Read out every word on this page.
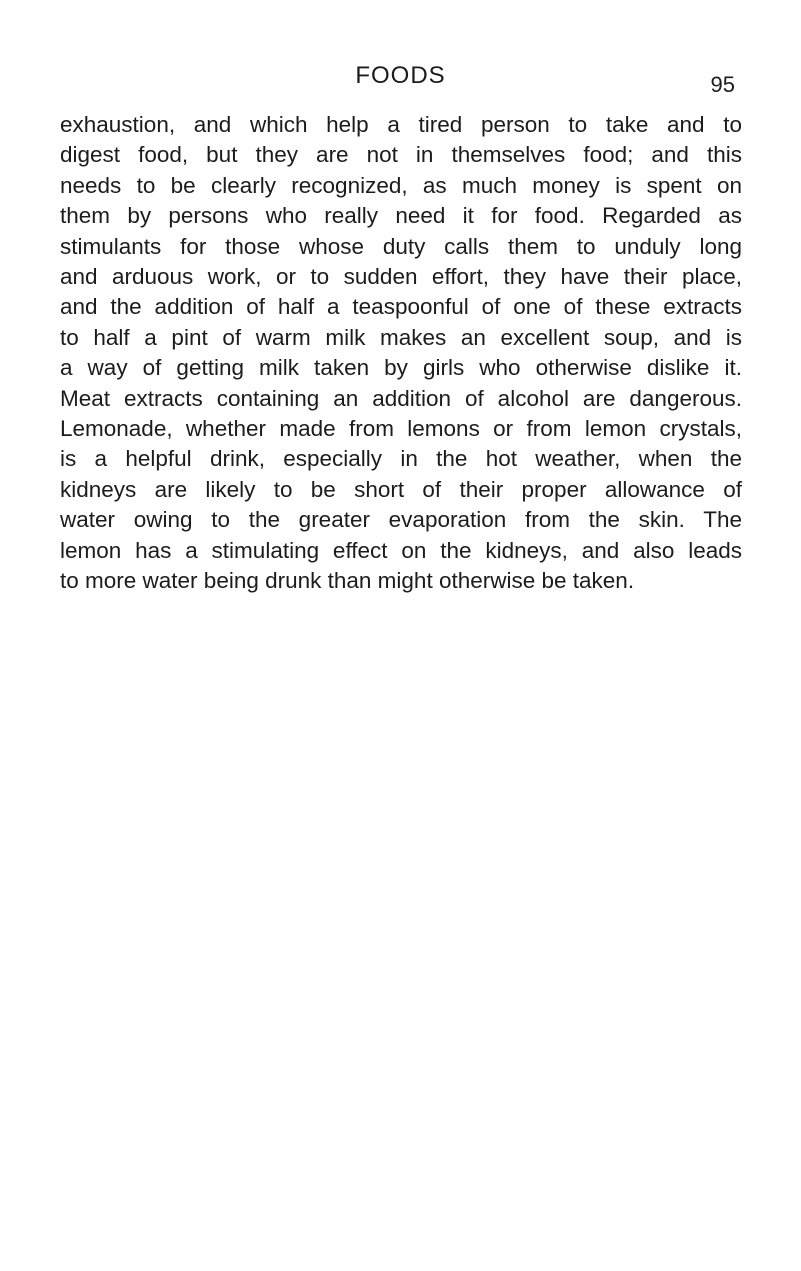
FOODS	95
exhaustion, and which help a tired person to take and to
digest food, but they are not in themselves food; and this
needs to be clearly recognized, as much money is spent on
them by persons who really need it for food. Regarded as
stimulants for those whose duty calls them to unduly long
and arduous work, or to sudden effort, they have their place,
and the addition of half a teaspoonful of one of these extracts
to half a pint of warm milk makes an excellent soup, and is
a way of getting milk taken by girls who otherwise dislike it.
Meat extracts containing an addition of alcohol are dangerous.
Lemonade, whether made from lemons or from lemon crystals,
is a helpful drink, especially in the hot weather, when the
kidneys are likely to be short of their proper allowance of
water owing to the greater evaporation from the skin. The
lemon has a stimulating effect on the kidneys, and also leads
to more water being drunk than might otherwise be taken.
